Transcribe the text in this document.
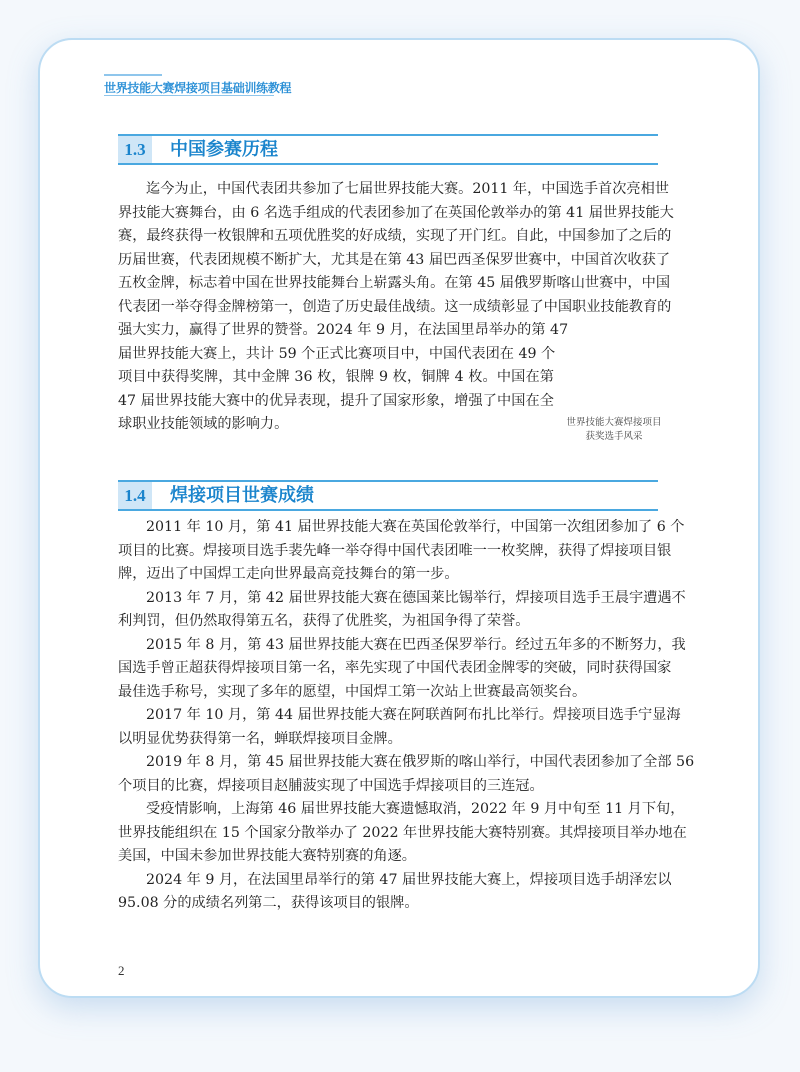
世界技能大赛焊接项目基础训练教程
1.3	中国参赛历程
迄今为止，中国代表团共参加了七届世界技能大赛。2011 年，中国选手首次亮相世
界技能大赛舞台，由 6 名选手组成的代表团参加了在英国伦敦举办的第 41 届世界技能大
赛，最终获得一枚银牌和五项优胜奖的好成绩，实现了开门红。自此，中国参加了之后的
历届世赛，代表团规模不断扩大，尤其是在第 43 届巴西圣保罗世赛中，中国首次收获了
五枚金牌，标志着中国在世界技能舞台上崭露头角。在第 45 届俄罗斯喀山世赛中，中国
代表团一举夺得金牌榜第一，创造了历史最佳战绩。这一成绩彰显了中国职业技能教育的
强大实力，赢得了世界的赞誉。2024 年 9 月，在法国里昂举办的第 47
届世界技能大赛上，共计 59 个正式比赛项目中，中国代表团在 49 个
项目中获得奖牌，其中金牌 36 枚，银牌 9 枚，铜牌 4 枚。中国在第
47 届世界技能大赛中的优异表现，提升了国家形象，增强了中国在全
球职业技能领域的影响力。	世界技能大赛焊接项目
获奖选手风采
1.4	焊接项目世赛成绩
2011 年 10 月，第 41 届世界技能大赛在英国伦敦举行，中国第一次组团参加了 6 个
项目的比赛。焊接项目选手裴先峰一举夺得中国代表团唯一一枚奖牌，获得了焊接项目银
牌，迈出了中国焊工走向世界最高竞技舞台的第一步。
2013 年 7 月，第 42 届世界技能大赛在德国莱比锡举行，焊接项目选手王晨宇遭遇不
利判罚，但仍然取得第五名，获得了优胜奖，为祖国争得了荣誉。
2015 年 8 月，第 43 届世界技能大赛在巴西圣保罗举行。经过五年多的不断努力，我
国选手曾正超获得焊接项目第一名，率先实现了中国代表团金牌零的突破，同时获得国家
最佳选手称号，实现了多年的愿望，中国焊工第一次站上世赛最高领奖台。
2017 年 10 月，第 44 届世界技能大赛在阿联酋阿布扎比举行。焊接项目选手宁显海
以明显优势获得第一名，蝉联焊接项目金牌。
2019 年 8 月，第 45 届世界技能大赛在俄罗斯的喀山举行，中国代表团参加了全部 56
个项目的比赛，焊接项目赵脯菠实现了中国选手焊接项目的三连冠。
受疫情影响，上海第 46 届世界技能大赛遗憾取消，2022 年 9 月中旬至 11 月下旬，
世界技能组织在 15 个国家分散举办了 2022 年世界技能大赛特别赛。其焊接项目举办地在
美国，中国未参加世界技能大赛特别赛的角逐。
2024 年 9 月，在法国里昂举行的第 47 届世界技能大赛上，焊接项目选手胡泽宏以
95.08 分的成绩名列第二，获得该项目的银牌。
2
